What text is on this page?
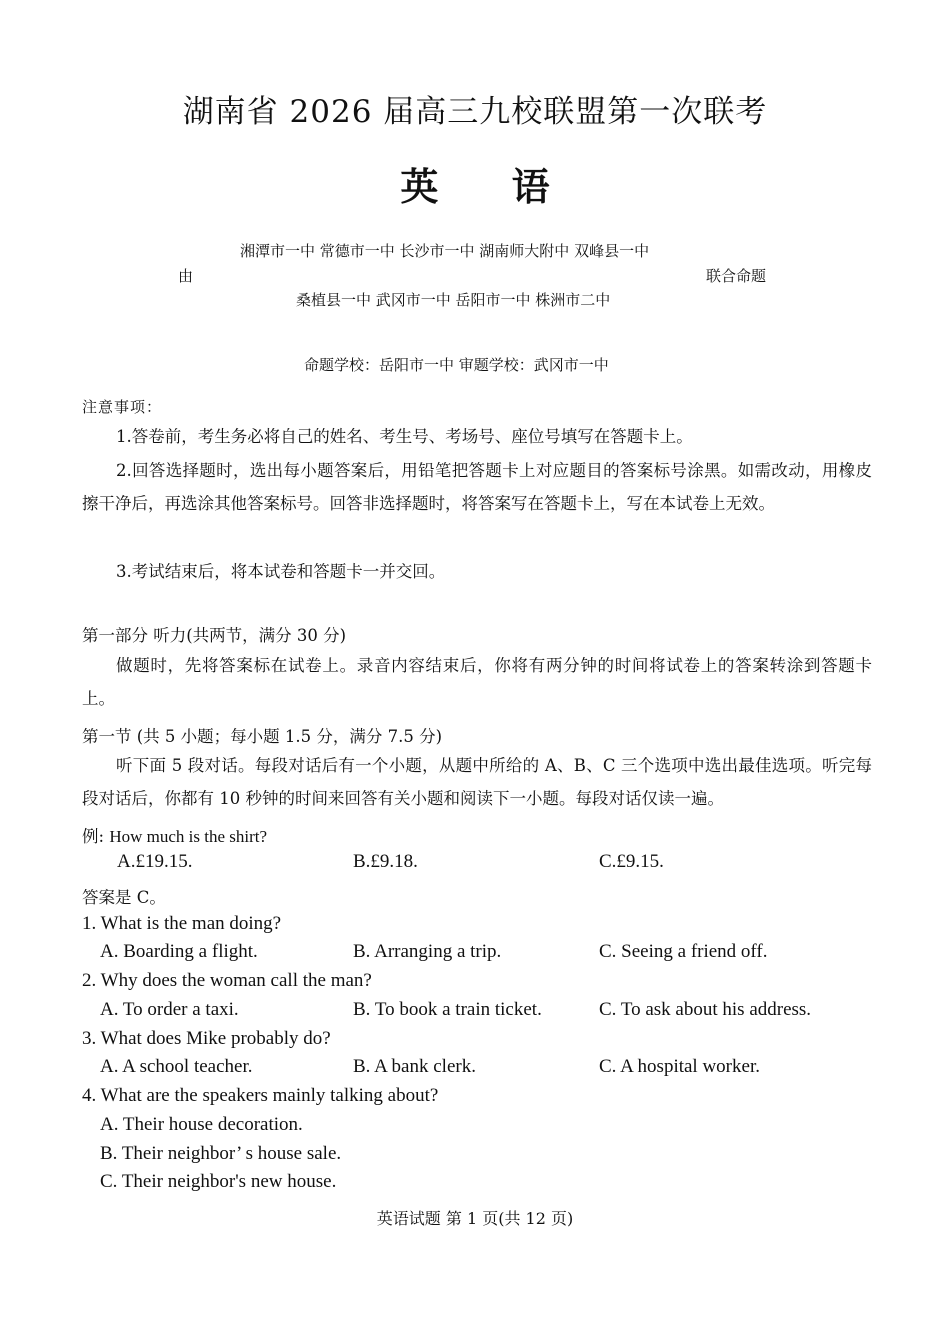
湖南省 2026 届高三九校联盟第一次联考
英 语
湘潭市一中 常德市一中 长沙市一中 湖南师大附中 双峰县一中
由	联合命题
桑植县一中 武冈市一中 岳阳市一中 株洲市二中
命题学校：岳阳市一中 审题学校：武冈市一中
注意事项：
1.答卷前，考生务必将自己的姓名、考生号、考场号、座位号填写在答题卡上。
2.回答选择题时，选出每小题答案后，用铅笔把答题卡上对应题目的答案标号涂黑。如需改动，用橡皮擦干净后，再选涂其他答案标号。回答非选择题时，将答案写在答题卡上，写在本试卷上无效。
3.考试结束后，将本试卷和答题卡一并交回。
第一部分 听力(共两节，满分 30 分)
做题时，先将答案标在试卷上。录音内容结束后，你将有两分钟的时间将试卷上的答案转涂到答题卡上。
第一节 (共 5 小题；每小题 1.5 分，满分 7.5 分)
听下面 5 段对话。每段对话后有一个小题，从题中所给的 A、B、C 三个选项中选出最佳选项。听完每段对话后，你都有 10 秒钟的时间来回答有关小题和阅读下一小题。每段对话仅读一遍。
例: How much is the shirt?
A.£19.15.	B.£9.18.	C.£9.15.
答案是 C。
1. What is the man doing?
A. Boarding a flight.	B. Arranging a trip.	C. Seeing a friend off.
2. Why does the woman call the man?
A. To order a taxi.	B. To book a train ticket.	C. To ask about his address.
3. What does Mike probably do?
A. A school teacher.	B. A bank clerk.	C. A hospital worker.
4. What are the speakers mainly talking about?
A. Their house decoration.
B. Their neighbor’ s house sale.
C. Their neighbor's new house.
英语试题 第 1 页(共 12 页)
